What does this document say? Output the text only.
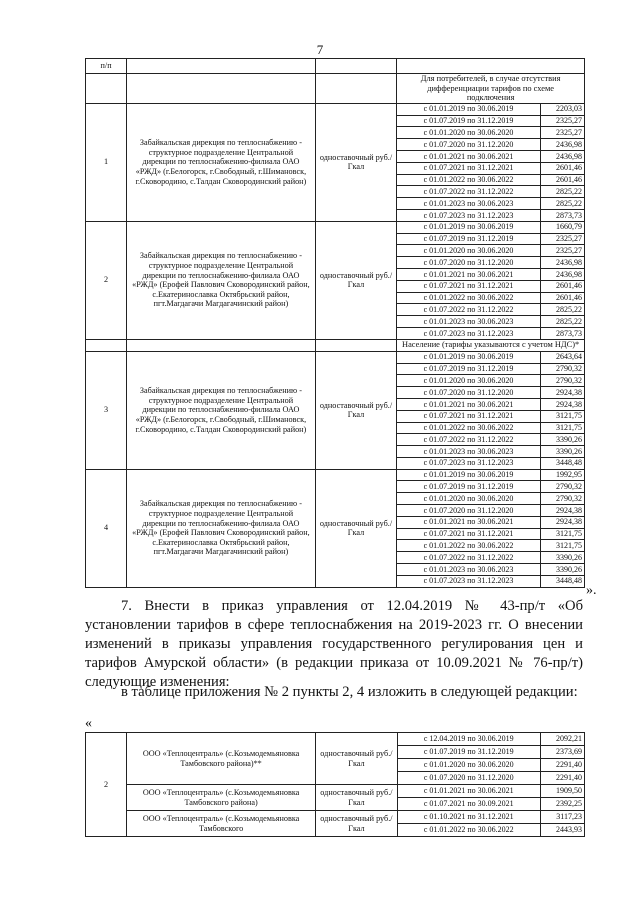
7
п/п				
			Для потребителей, в случае отсутствия дифференциации тарифов по схеме подключения	
1	Забайкальская дирекция по теплоснабжению - структурное подразделение Центральной дирекции по теплоснабжению-филиала ОАО «РЖД» (г.Белогорск, г.Свободный, г.Шимановск, г.Сковородино, с.Талдан Сковородинский район)	одноставочный руб./Гкал	с 01.01.2019 по 30.06.2019	2203,03
			с 01.07.2019 по 31.12.2019	2325,27
			с 01.01.2020 по 30.06.2020	2325,27
			с 01.07.2020 по 31.12.2020	2436,98
			с 01.01.2021 по 30.06.2021	2436,98
			с 01.07.2021 по 31.12.2021	2601,46
			с 01.01.2022 по 30.06.2022	2601,46
			с 01.07.2022 по 31.12.2022	2825,22
			с 01.01.2023 по 30.06.2023	2825,22
			с 01.07.2023 по 31.12.2023	2873,73
2	Забайкальская дирекция по теплоснабжению - структурное подразделение Центральной дирекции по теплоснабжению-филиала ОАО «РЖД» (Ерофей Павлович Сковородинский район, с.Екатеринославка Октябрьский район, пгт.Магдагачи Магдагачинский район)	одноставочный руб./Гкал	с 01.01.2019 по 30.06.2019	1660,79
			с 01.07.2019 по 31.12.2019	2325,27
			с 01.01.2020 по 30.06.2020	2325,27
			с 01.07.2020 по 31.12.2020	2436,98
			с 01.01.2021 по 30.06.2021	2436,98
			с 01.07.2021 по 31.12.2021	2601,46
			с 01.01.2022 по 30.06.2022	2601,46
			с 01.07.2022 по 31.12.2022	2825,22
			с 01.01.2023 по 30.06.2023	2825,22
			с 01.07.2023 по 31.12.2023	2873,73
			Население (тарифы указываются с учетом НДС)*	
3	Забайкальская дирекция по теплоснабжению - структурное подразделение Центральной дирекции по теплоснабжению-филиала ОАО «РЖД» (г.Белогорск, г.Свободный, г.Шимановск, г.Сковородино, с.Талдан Сковородинский район)	одноставочный руб./Гкал	с 01.01.2019 по 30.06.2019	2643,64
			с 01.07.2019 по 31.12.2019	2790,32
			с 01.01.2020 по 30.06.2020	2790,32
			с 01.07.2020 по 31.12.2020	2924,38
			с 01.01.2021 по 30.06.2021	2924,38
			с 01.07.2021 по 31.12.2021	3121,75
			с 01.01.2022 по 30.06.2022	3121,75
			с 01.07.2022 по 31.12.2022	3390,26
			с 01.01.2023 по 30.06.2023	3390,26
			с 01.07.2023 по 31.12.2023	3448,48
4	Забайкальская дирекция по теплоснабжению - структурное подразделение Центральной дирекции по теплоснабжению-филиала ОАО «РЖД» (Ерофей Павлович Сковородинский район, с.Екатеринославка Октябрьский район, пгт.Магдагачи Магдагачинский район)	одноставочный руб./Гкал	с 01.01.2019 по 30.06.2019	1992,95
			с 01.07.2019 по 31.12.2019	2790,32
			с 01.01.2020 по 30.06.2020	2790,32
			с 01.07.2020 по 31.12.2020	2924,38
			с 01.01.2021 по 30.06.2021	2924,38
			с 01.07.2021 по 31.12.2021	3121,75
			с 01.01.2022 по 30.06.2022	3121,75
			с 01.07.2022 по 31.12.2022	3390,26
			с 01.01.2023 по 30.06.2023	3390,26
			с 01.07.2023 по 31.12.2023	3448,48
».
7. Внести в приказ управления от 12.04.2019 № 43-пр/т «Об установлении тарифов в сфере теплоснабжения на 2019-2023 гг. О внесении изменений в приказы управления государственного регулирования цен и тарифов Амурской области» (в редакции приказа от 10.09.2021 № 76-пр/т) следующие изменения:
в таблице приложения № 2 пункты 2, 4 изложить в следующей редакции:
«
2	ООО «Теплоцентраль» (с.Козьмодемьяновка Тамбовского района)**	одноставочный руб./Гкал	с 12.04.2019 по 30.06.2019	2092,21
			с 01.07.2019 по 31.12.2019	2373,69
			с 01.01.2020 по 30.06.2020	2291,40
			с 01.07.2020 по 31.12.2020	2291,40
	ООО «Теплоцентраль» (с.Козьмодемьяновка Тамбовского района)	одноставочный руб./Гкал	с 01.01.2021 по 30.06.2021	1909,50
			с 01.07.2021 по 30.09.2021	2392,25
	ООО «Теплоцентраль» (с.Козьмодемьяновка Тамбовского	одноставочный руб./Гкал	с 01.10.2021 по 31.12.2021	3117,23
			с 01.01.2022 по 30.06.2022	2443,93
